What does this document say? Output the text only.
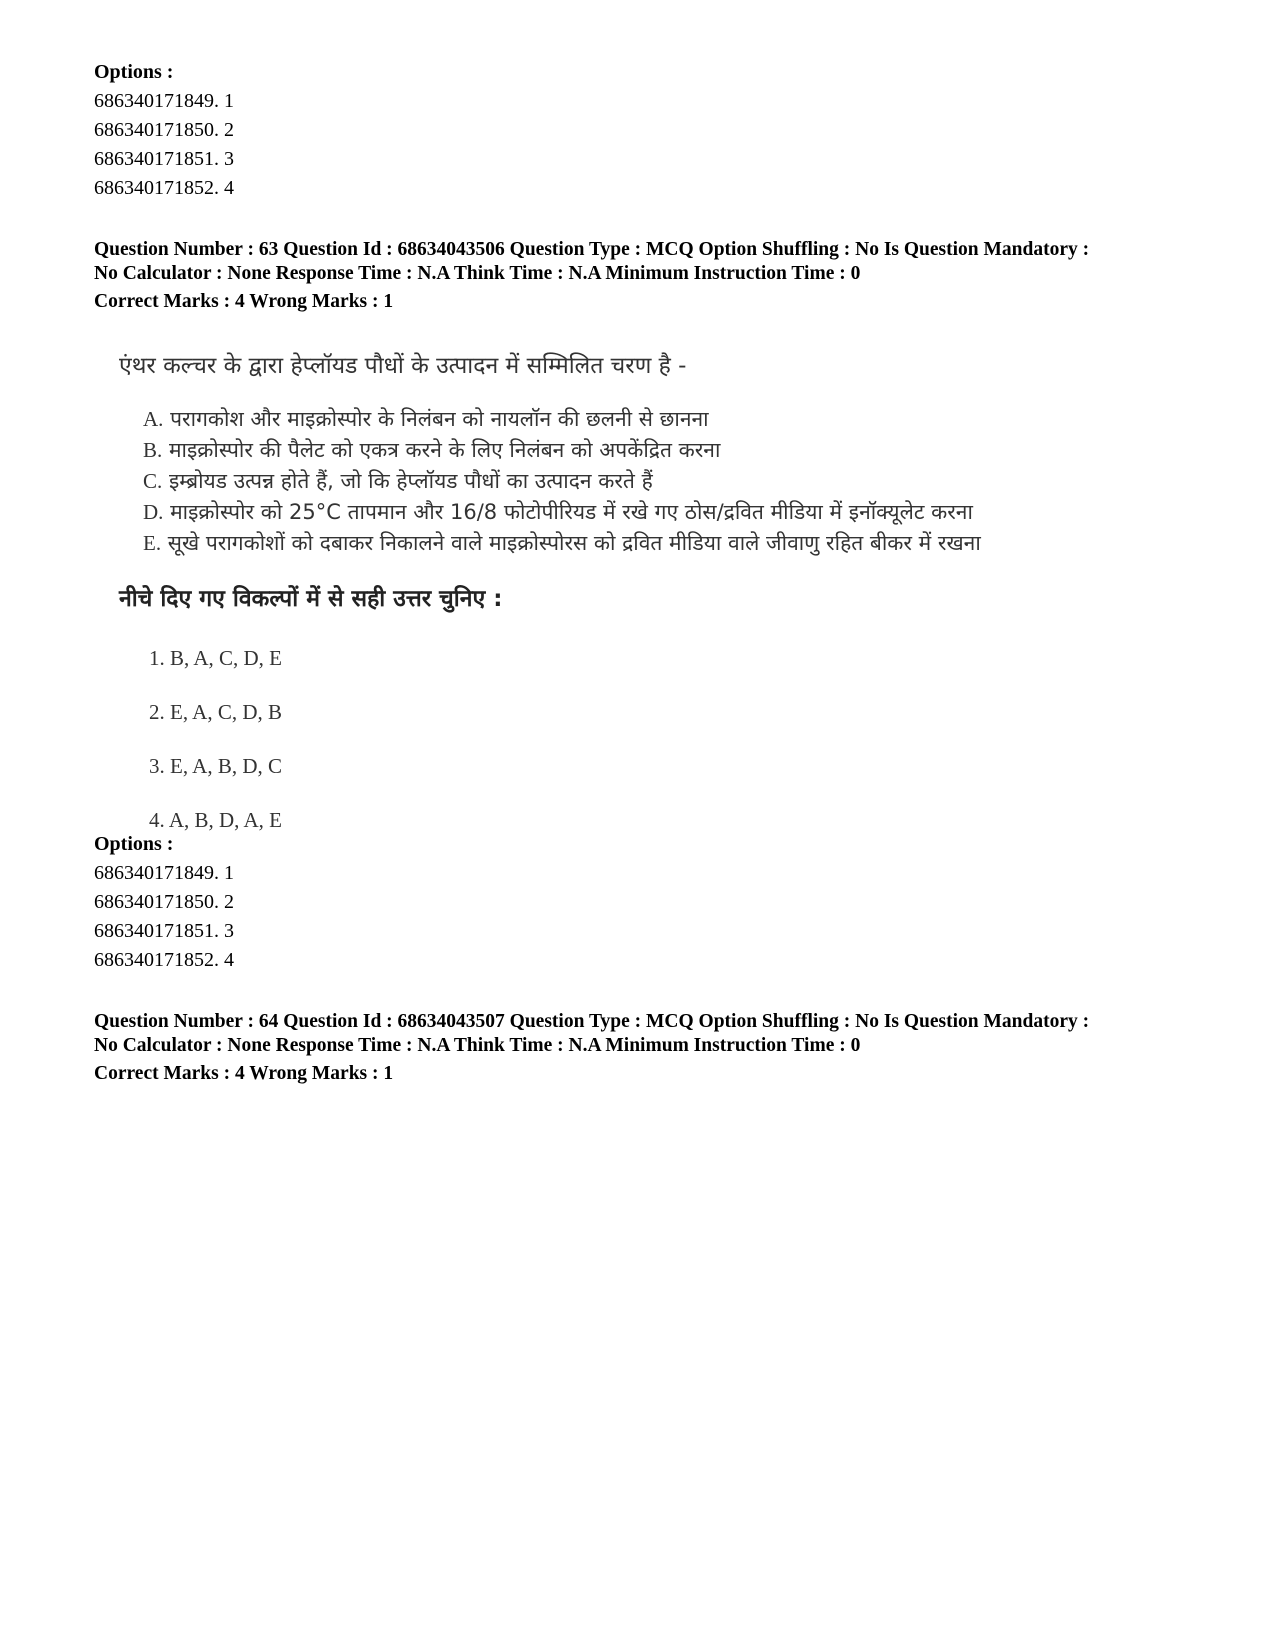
Options :

686340171849. 1

686340171850. 2

686340171851. 3

686340171852. 4

Question Number : 63 Question Id : 68634043506 Question Type : MCQ Option Shuffling : No Is Question Mandatory :

No Calculator : None Response Time : N.A Think Time : N.A Minimum Instruction Time : 0

Correct Marks : 4 Wrong Marks : 1

एंथर कल्चर के द्वारा हेप्लॉयड पौधों के उत्पादन में सम्मिलित चरण है -

A. परागकोश और माइक्रोस्पोर के निलंबन को नायलॉन की छलनी से छानना
B. माइक्रोस्पोर की पैलेट को एकत्र करने के लिए निलंबन को अपकेंद्रित करना
C. इम्ब्रोयड उत्पन्न होते हैं, जो कि हेप्लॉयड पौधों का उत्पादन करते हैं
D. माइक्रोस्पोर को 25°C तापमान और 16/8 फोटोपीरियड में रखे गए ठोस/द्रवित मीडिया में इनॉक्यूलेट करना
E. सूखे परागकोशों को दबाकर निकालने वाले माइक्रोस्पोरस को द्रवित मीडिया वाले जीवाणु रहित बीकर में रखना

नीचे दिए गए विकल्पों में से सही उत्तर चुनिए :

1. B, A, C, D, E
2. E, A, C, D, B
3. E, A, B, D, C
4. A, B, D, A, E

Options :

686340171849. 1

686340171850. 2

686340171851. 3

686340171852. 4

Question Number : 64 Question Id : 68634043507 Question Type : MCQ Option Shuffling : No Is Question Mandatory :

No Calculator : None Response Time : N.A Think Time : N.A Minimum Instruction Time : 0

Correct Marks : 4 Wrong Marks : 1
